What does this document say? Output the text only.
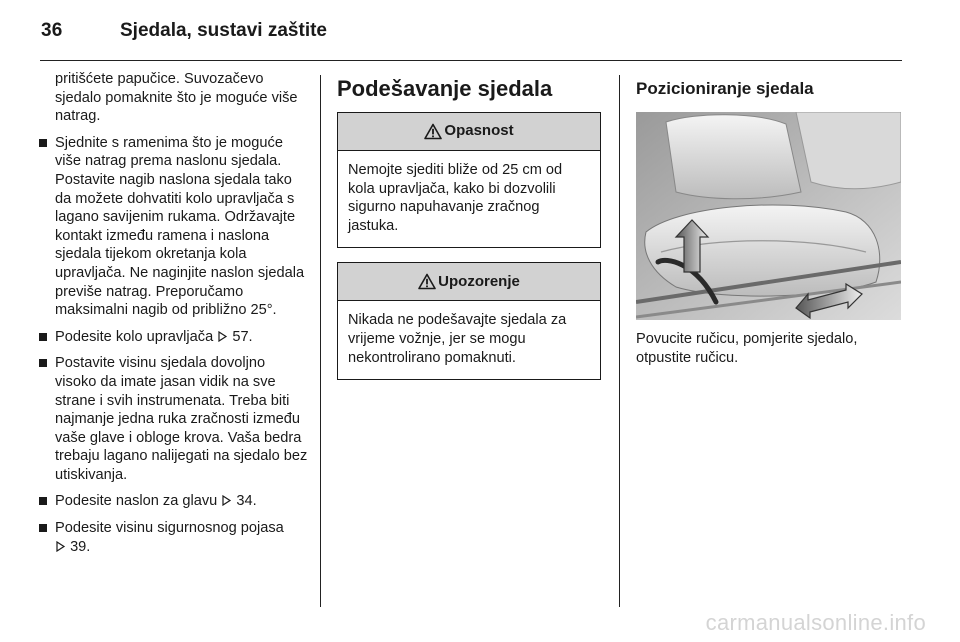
36	Sjedala, sustavi zaštite

pritišćete papučice. Suvozačevo sjedalo pomaknite što je moguće više natrag.

Sjednite s ramenima što je moguće više natrag prema naslonu sjedala. Postavite nagib naslona sjedala tako da možete dohvatiti kolo upravljača s lagano savijenim rukama. Održavajte kontakt između ramena i naslona sjedala tijekom okretanja kola upravljača. Ne naginjite naslon sjedala previše natrag. Preporučamo maksimalni nagib od približno 25°.
Podesite kolo upravljača 57.
Postavite visinu sjedala dovoljno visoko da imate jasan vidik na sve strane i svih instrumenata. Treba biti najmanje jedna ruka zračnosti između vaše glave i obloge krova. Vaša bedra trebaju lagano nalijegati na sjedalo bez utiskivanja.
Podesite naslon za glavu 34.
Podesite visinu sigurnosnog pojasa
39.
Podešavanje sjedala
Opasnost
Nemojte sjediti bliže od 25 cm od kola upravljača, kako bi dozvolili sigurno napuhavanje zračnog jastuka.
Upozorenje
Nikada ne podešavajte sjedala za vrijeme vožnje, jer se mogu nekontrolirano pomaknuti.
Pozicioniranje sjedala
Povucite ručicu, pomjerite sjedalo, otpustite ručicu.
carmanualsonline.info
